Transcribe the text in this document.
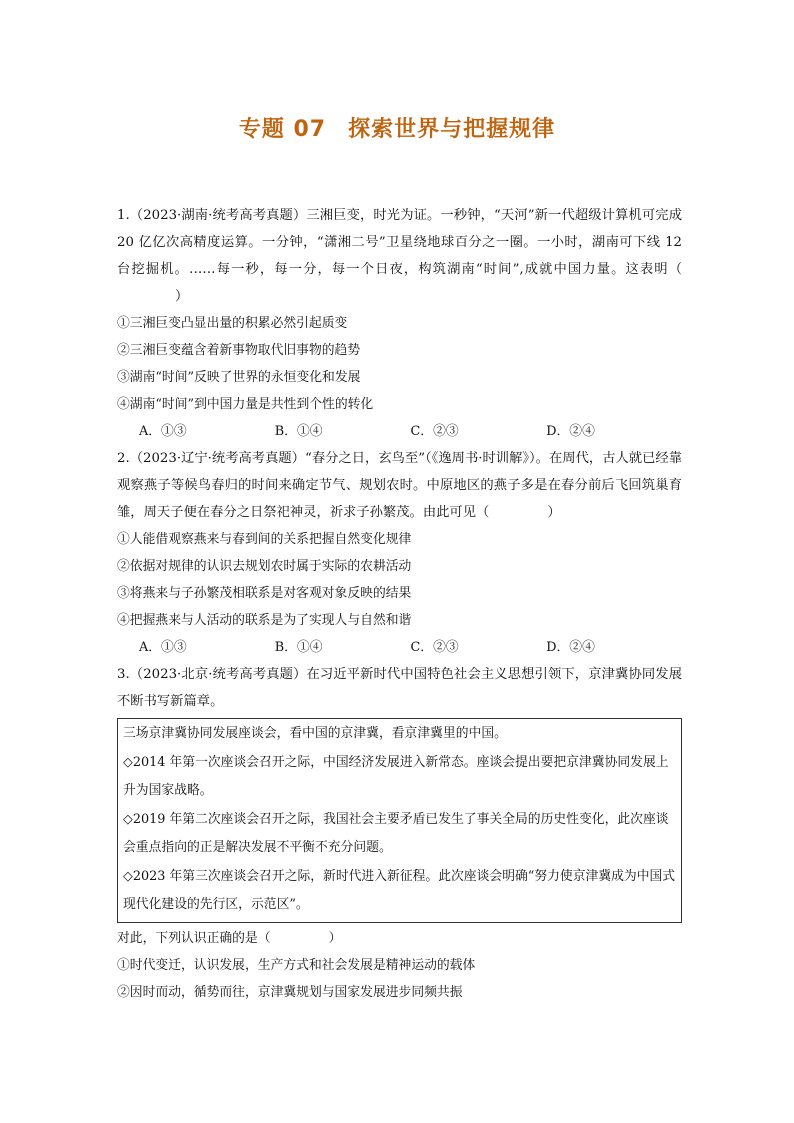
专题 07 探索世界与把握规律

1.（2023·湖南·统考高考真题）三湘巨变，时光为证。一秒钟，“天河”新一代超级计算机可完成 20 亿亿次高精度运算。一分钟，“潇湘二号”卫星绕地球百分之一圈。一小时，湖南可下线 12 台挖掘机。……每一秒，每一分，每一个日夜，构筑湖南“时间”,成就中国力量。这表明（）

①三湘巨变凸显出量的积累必然引起质变

②三湘巨变蕴含着新事物取代旧事物的趋势

③湖南“时间”反映了世界的永恒变化和发展

④湖南“时间”到中国力量是共性到个性的转化

A．①③	B．①④	C．②③	D．②④

2.（2023·辽宁·统考高考真题）“春分之日，玄鸟至”（《逸周书·时训解》）。在周代，古人就已经靠观察燕子等候鸟春归的时间来确定节气、规划农时。中原地区的燕子多是在春分前后飞回筑巢育雏，周天子便在春分之日祭祀神灵，祈求子孙繁茂。由此可见（	）

①人能借观察燕来与春到间的关系把握自然变化规律

②依据对规律的认识去规划农时属于实际的农耕活动

③将燕来与子孙繁茂相联系是对客观对象反映的结果

④把握燕来与人活动的联系是为了实现人与自然和谐

A．①③	B．①④	C．②③	D．②④

3.（2023·北京·统考高考真题）在习近平新时代中国特色社会主义思想引领下，京津冀协同发展不断书写新篇章。

三场京津冀协同发展座谈会，看中国的京津冀，看京津冀里的中国。

◇2014 年第一次座谈会召开之际，中国经济发展进入新常态。座谈会提出要把京津冀协同发展上升为国家战略。

◇2019 年第二次座谈会召开之际，我国社会主要矛盾已发生了事关全局的历史性变化，此次座谈会重点指向的正是解决发展不平衡不充分问题。

◇2023 年第三次座谈会召开之际，新时代进入新征程。此次座谈会明确“努力使京津冀成为中国式现代化建设的先行区，示范区”。

对此，下列认识正确的是（	）

①时代变迁，认识发展，生产方式和社会发展是精神运动的载体

②因时而动，循势而往，京津冀规划与国家发展进步同频共振
